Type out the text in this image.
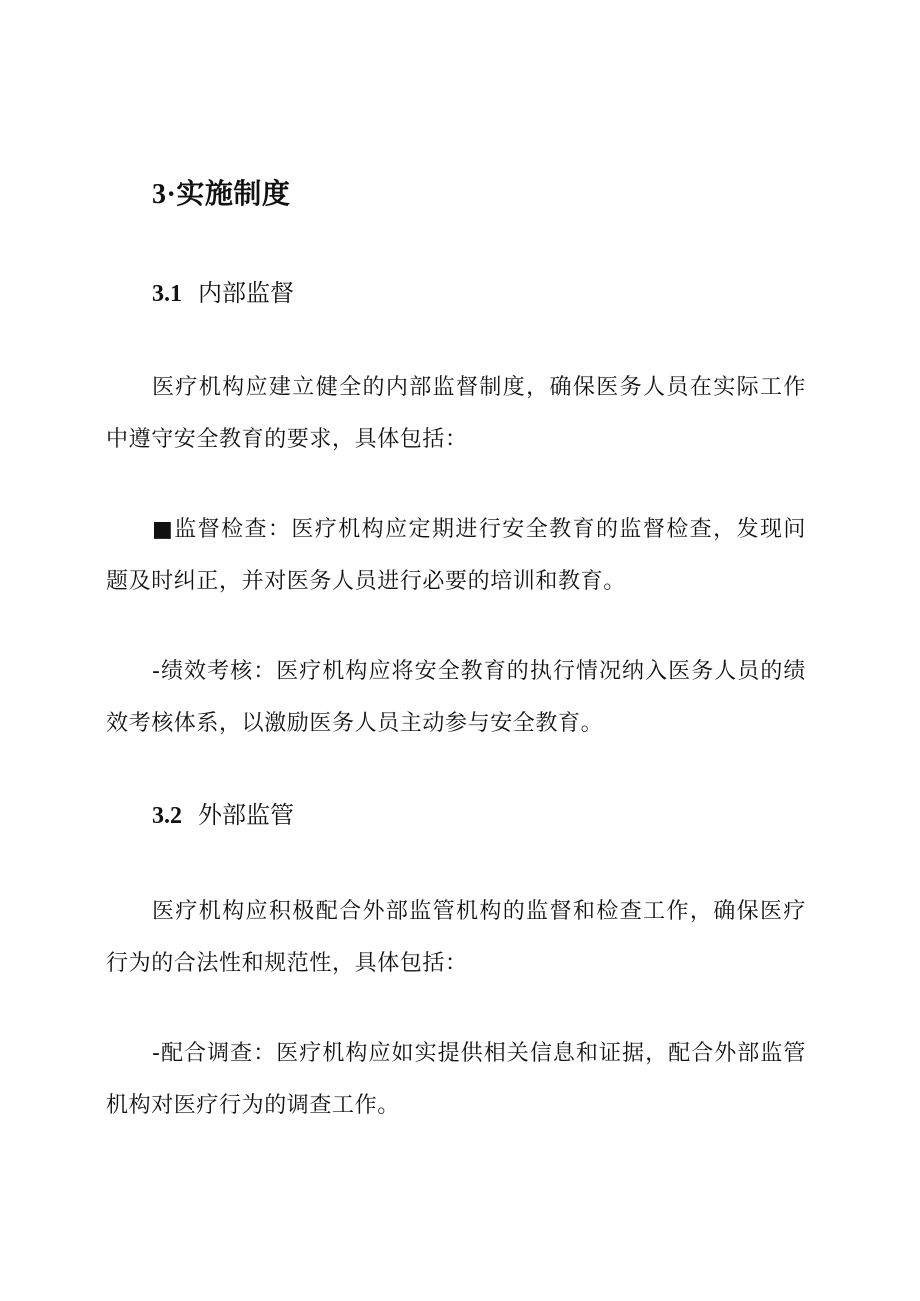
3·实施制度
3.1 内部监督

医疗机构应建立健全的内部监督制度，确保医务人员在实际工作中遵守安全教育的要求，具体包括：

■监督检查：医疗机构应定期进行安全教育的监督检查，发现问题及时纠正，并对医务人员进行必要的培训和教育。

-绩效考核：医疗机构应将安全教育的执行情况纳入医务人员的绩效考核体系，以激励医务人员主动参与安全教育。

3.2 外部监管

医疗机构应积极配合外部监管机构的监督和检查工作，确保医疗行为的合法性和规范性，具体包括：

-配合调查：医疗机构应如实提供相关信息和证据，配合外部监管机构对医疗行为的调查工作。
